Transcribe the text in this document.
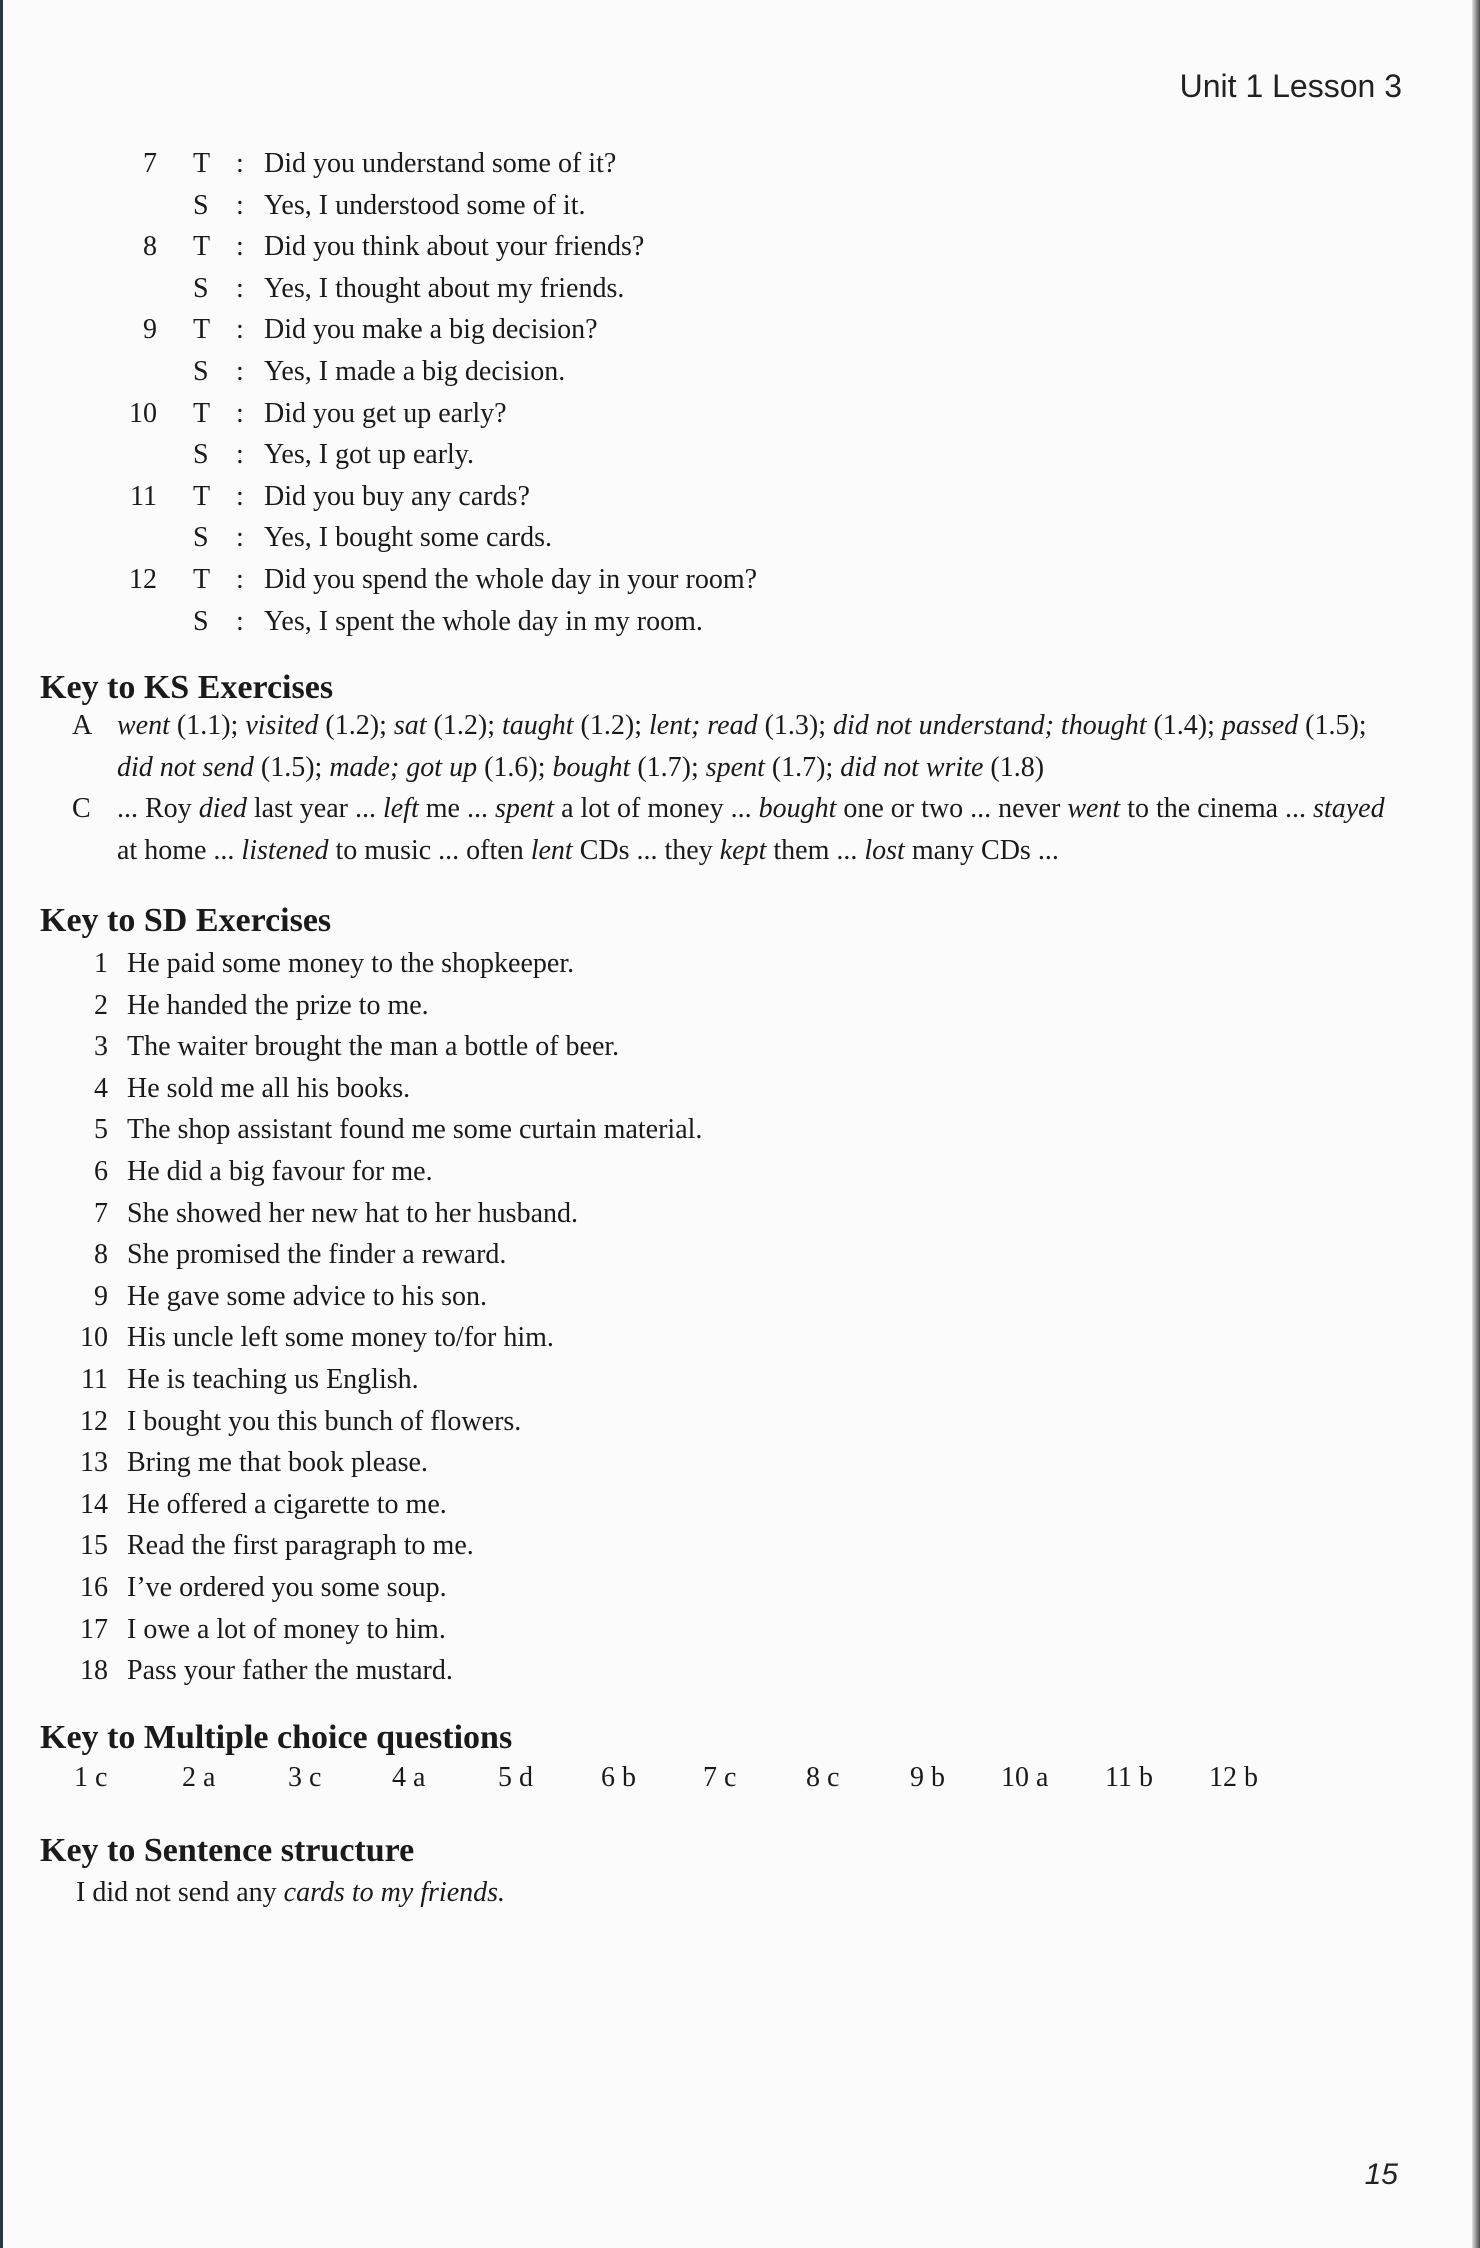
Unit 1 Lesson 3
7 T : Did you understand some of it?
S : Yes, I understood some of it.
8 T : Did you think about your friends?
S : Yes, I thought about my friends.
9 T : Did you make a big decision?
S : Yes, I made a big decision.
10 T : Did you get up early?
S : Yes, I got up early.
11 T : Did you buy any cards?
S : Yes, I bought some cards.
12 T : Did you spend the whole day in your room?
S : Yes, I spent the whole day in my room.
Key to KS Exercises
A went (1.1); visited (1.2); sat (1.2); taught (1.2); lent; read (1.3); did not understand; thought (1.4); passed (1.5); did not send (1.5); made; got up (1.6); bought (1.7); spent (1.7); did not write (1.8)
C ... Roy died last year ... left me ... spent a lot of money ... bought one or two ... never went to the cinema ... stayed at home ... listened to music ... often lent CDs ... they kept them ... lost many CDs ...
Key to SD Exercises
1 He paid some money to the shopkeeper.
2 He handed the prize to me.
3 The waiter brought the man a bottle of beer.
4 He sold me all his books.
5 The shop assistant found me some curtain material.
6 He did a big favour for me.
7 She showed her new hat to her husband.
8 She promised the finder a reward.
9 He gave some advice to his son.
10 His uncle left some money to/for him.
11 He is teaching us English.
12 I bought you this bunch of flowers.
13 Bring me that book please.
14 He offered a cigarette to me.
15 Read the first paragraph to me.
16 I’ve ordered you some soup.
17 I owe a lot of money to him.
18 Pass your father the mustard.
Key to Multiple choice questions
1 c	2 a	3 c	4 a	5 d 6 b 7 c 8 c	9 b 10 a 11 b 12 b
Key to Sentence structure
I did not send any cards to my friends.
15
